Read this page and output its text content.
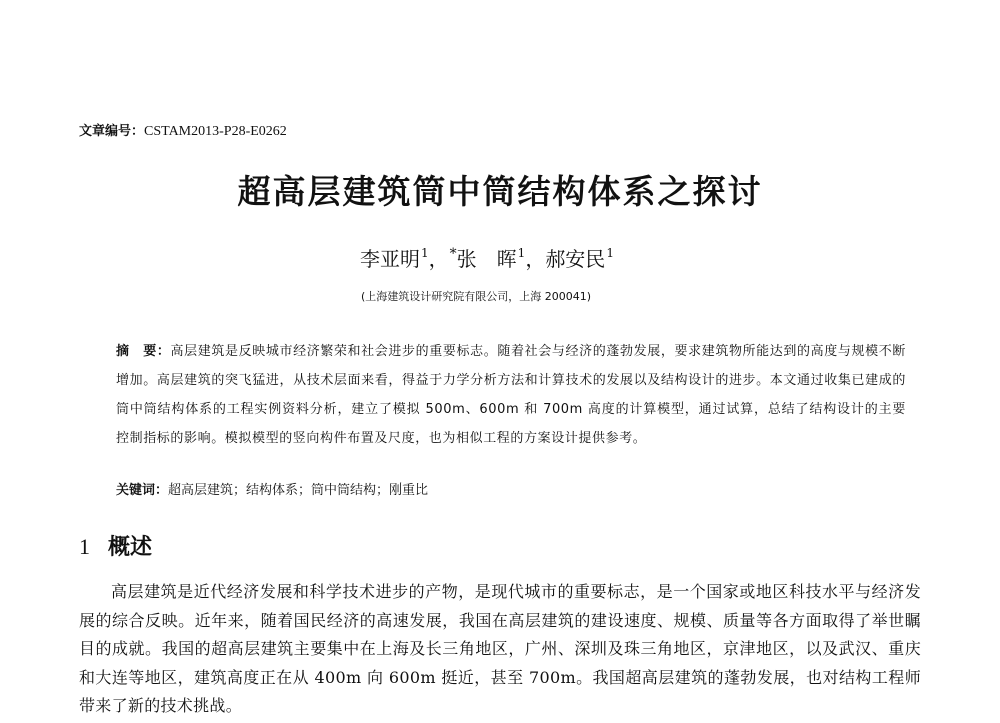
文章编号：CSTAM2013-P28-E0262
超高层建筑筒中筒结构体系之探讨
李亚明$^1$，*张　晖$^1$，郝安民$^1$
(上海建筑设计研究院有限公司，上海 200041)

摘　要：高层建筑是反映城市经济繁荣和社会进步的重要标志。随着社会与经济的蓬勃发展，要求建筑物所能达到的高度与规模不断增加。高层建筑的突飞猛进，从技术层面来看，得益于力学分析方法和计算技术的发展以及结构设计的进步。本文通过收集已建成的筒中筒结构体系的工程实例资料分析，建立了模拟 500m、600m 和 700m 高度的计算模型，通过试算，总结了结构设计的主要控制指标的影响。模拟模型的竖向构件布置及尺度，也为相似工程的方案设计提供参考。

关键词：超高层建筑；结构体系；筒中筒结构；刚重比
1 概述

高层建筑是近代经济发展和科学技术进步的产物，是现代城市的重要标志，是一个国家或地区科技水平与经济发展的综合反映。近年来，随着国民经济的高速发展，我国在高层建筑的建设速度、规模、质量等各方面取得了举世瞩目的成就。我国的超高层建筑主要集中在上海及长三角地区，广州、深圳及珠三角地区，京津地区，以及武汉、重庆和大连等地区，建筑高度正在从 400m 向 600m 挺近，甚至 700m。我国超高层建筑的蓬勃发展，也对结构工程师带来了新的技术挑战。
